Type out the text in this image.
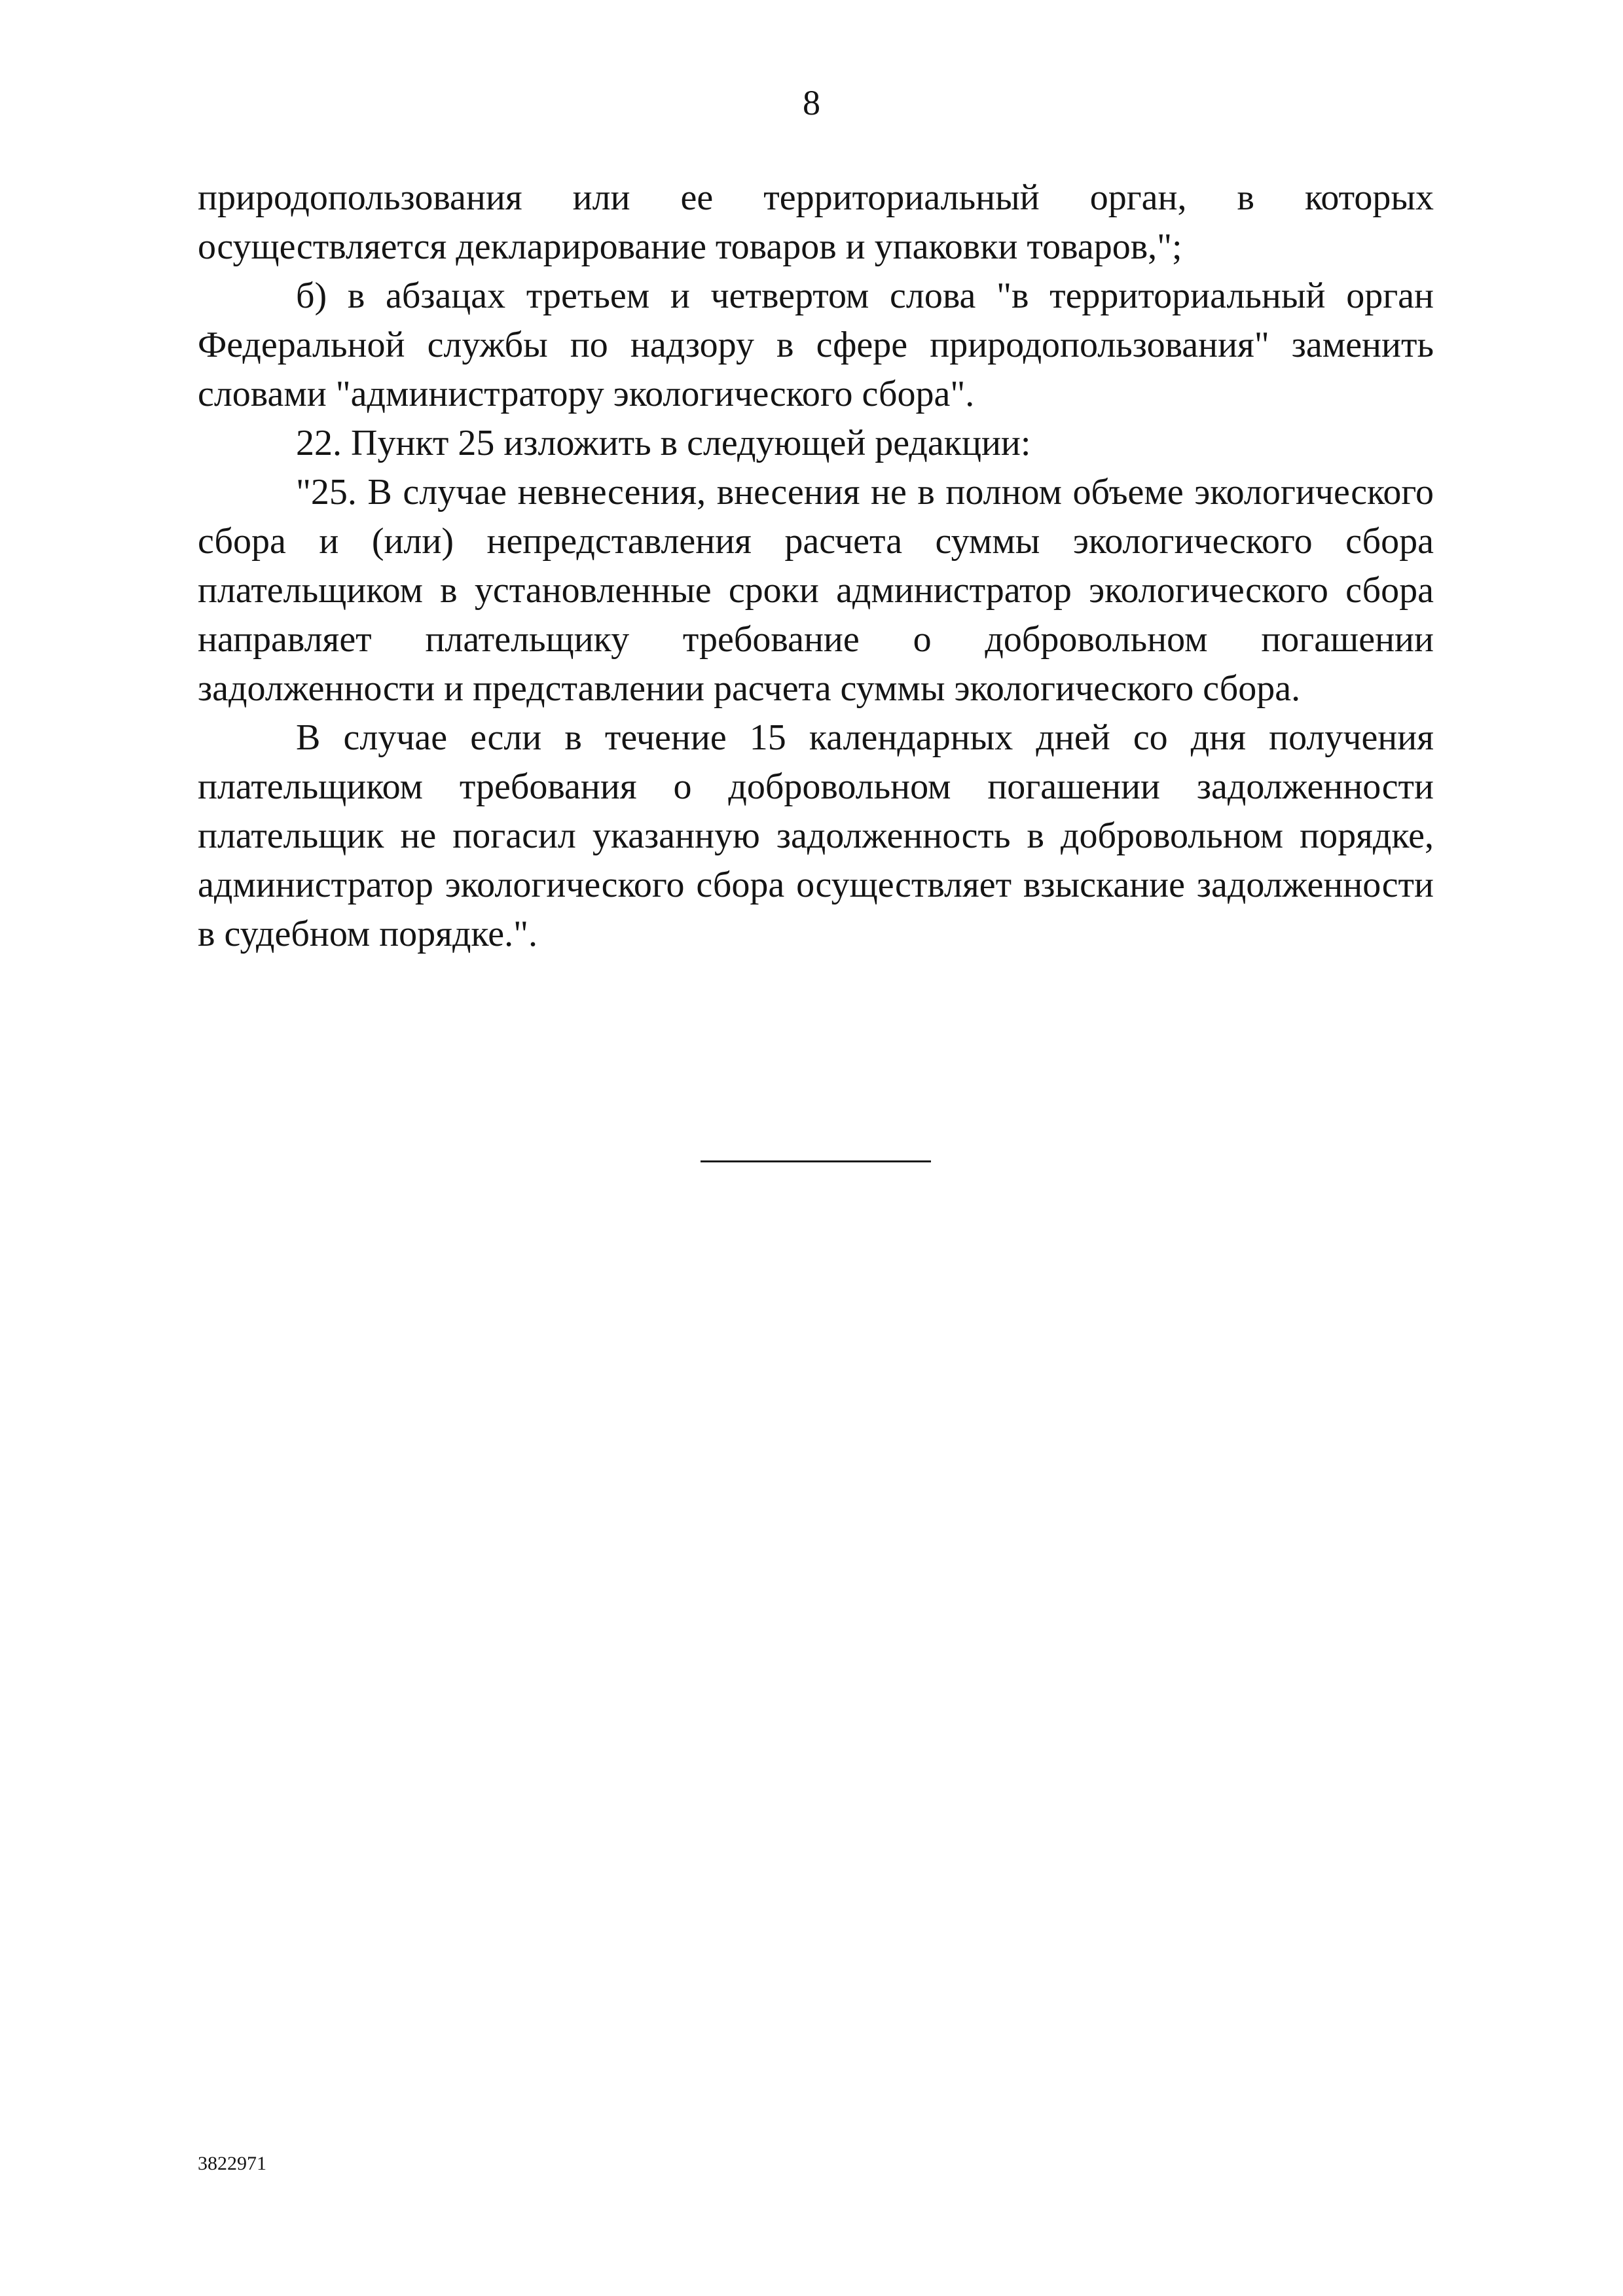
8

природопользования или ее территориальный орган, в которых осуществляется декларирование товаров и упаковки товаров,";

б) в абзацах третьем и четвертом слова "в территориальный орган Федеральной службы по надзору в сфере природопользования" заменить словами "администратору экологического сбора".

22. Пункт 25 изложить в следующей редакции:

"25. В случае невнесения, внесения не в полном объеме экологического сбора и (или) непредставления расчета суммы экологического сбора плательщиком в установленные сроки администратор экологического сбора направляет плательщику требование о добровольном погашении задолженности и представлении расчета суммы экологического сбора.

В случае если в течение 15 календарных дней со дня получения плательщиком требования о добровольном погашении задолженности плательщик не погасил указанную задолженность в добровольном порядке, администратор экологического сбора осуществляет взыскание задолженности в судебном порядке.".

3822971
